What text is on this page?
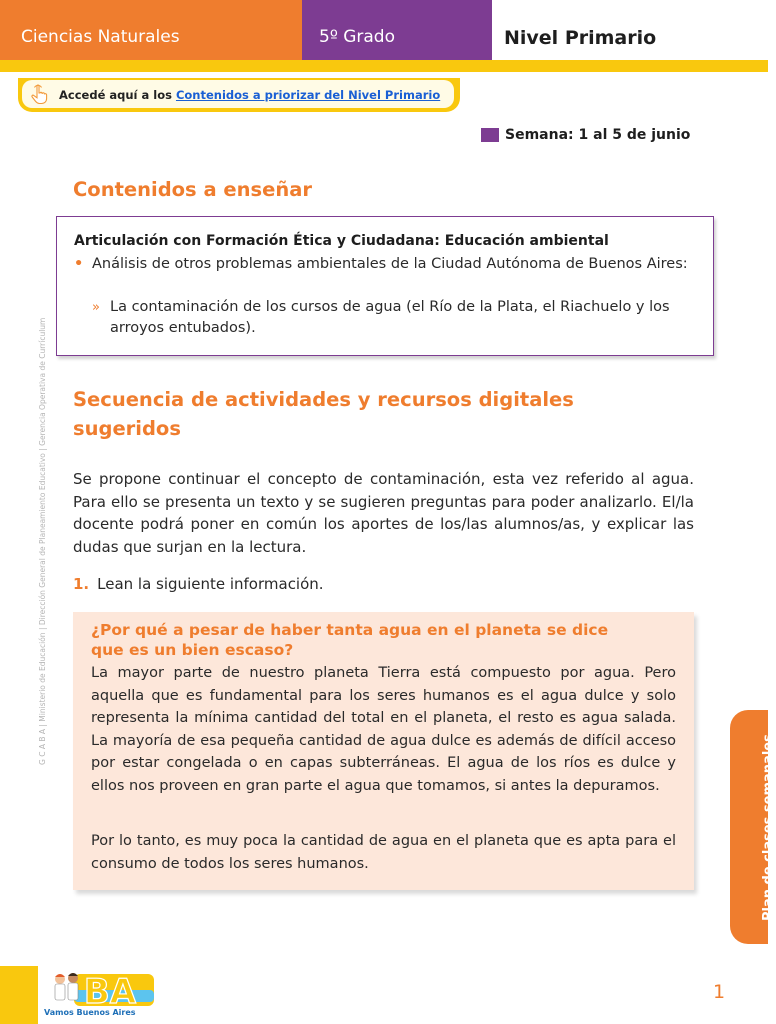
Ciencias Naturales	5º Grado	Nivel Primario
Accedé aquí a los Contenidos a priorizar del Nivel Primario
Semana: 1 al 5 de junio
G C A B A | Ministerio de Educación | Dirección General de Planeamiento Educativo | Gerencia Operativa de Currículum
Contenidos a enseñar
Articulación con Formación Ética y Ciudadana: Educación ambiental
• Análisis de otros problemas ambientales de la Ciudad Autónoma de Buenos Aires:
» La contaminación de los cursos de agua (el Río de la Plata, el Riachuelo y los arroyos entubados).
Secuencia de actividades y recursos digitales sugeridos
Se propone continuar el concepto de contaminación, esta vez referido al agua. Para ello se presenta un texto y se sugieren preguntas para poder analizarlo. El/la docente podrá poner en común los aportes de los/las alumnos/as, y explicar las dudas que surjan en la lectura.
1. Lean la siguiente información.
¿Por qué a pesar de haber tanta agua en el planeta se dice que es un bien escaso?
La mayor parte de nuestro planeta Tierra está compuesto por agua. Pero aquella que es fundamental para los seres humanos es el agua dulce y solo representa la mínima cantidad del total en el planeta, el resto es agua salada. La mayoría de esa pequeña cantidad de agua dulce es además de difícil acceso por estar congelada o en capas subterráneas. El agua de los ríos es dulce y ellos nos proveen en gran parte el agua que tomamos, si antes la depuramos.
Por lo tanto, es muy poca la cantidad de agua en el planeta que es apta para el consumo de todos los seres humanos.	Plan de clases semanales
1
BA
Vamos Buenos Aires
